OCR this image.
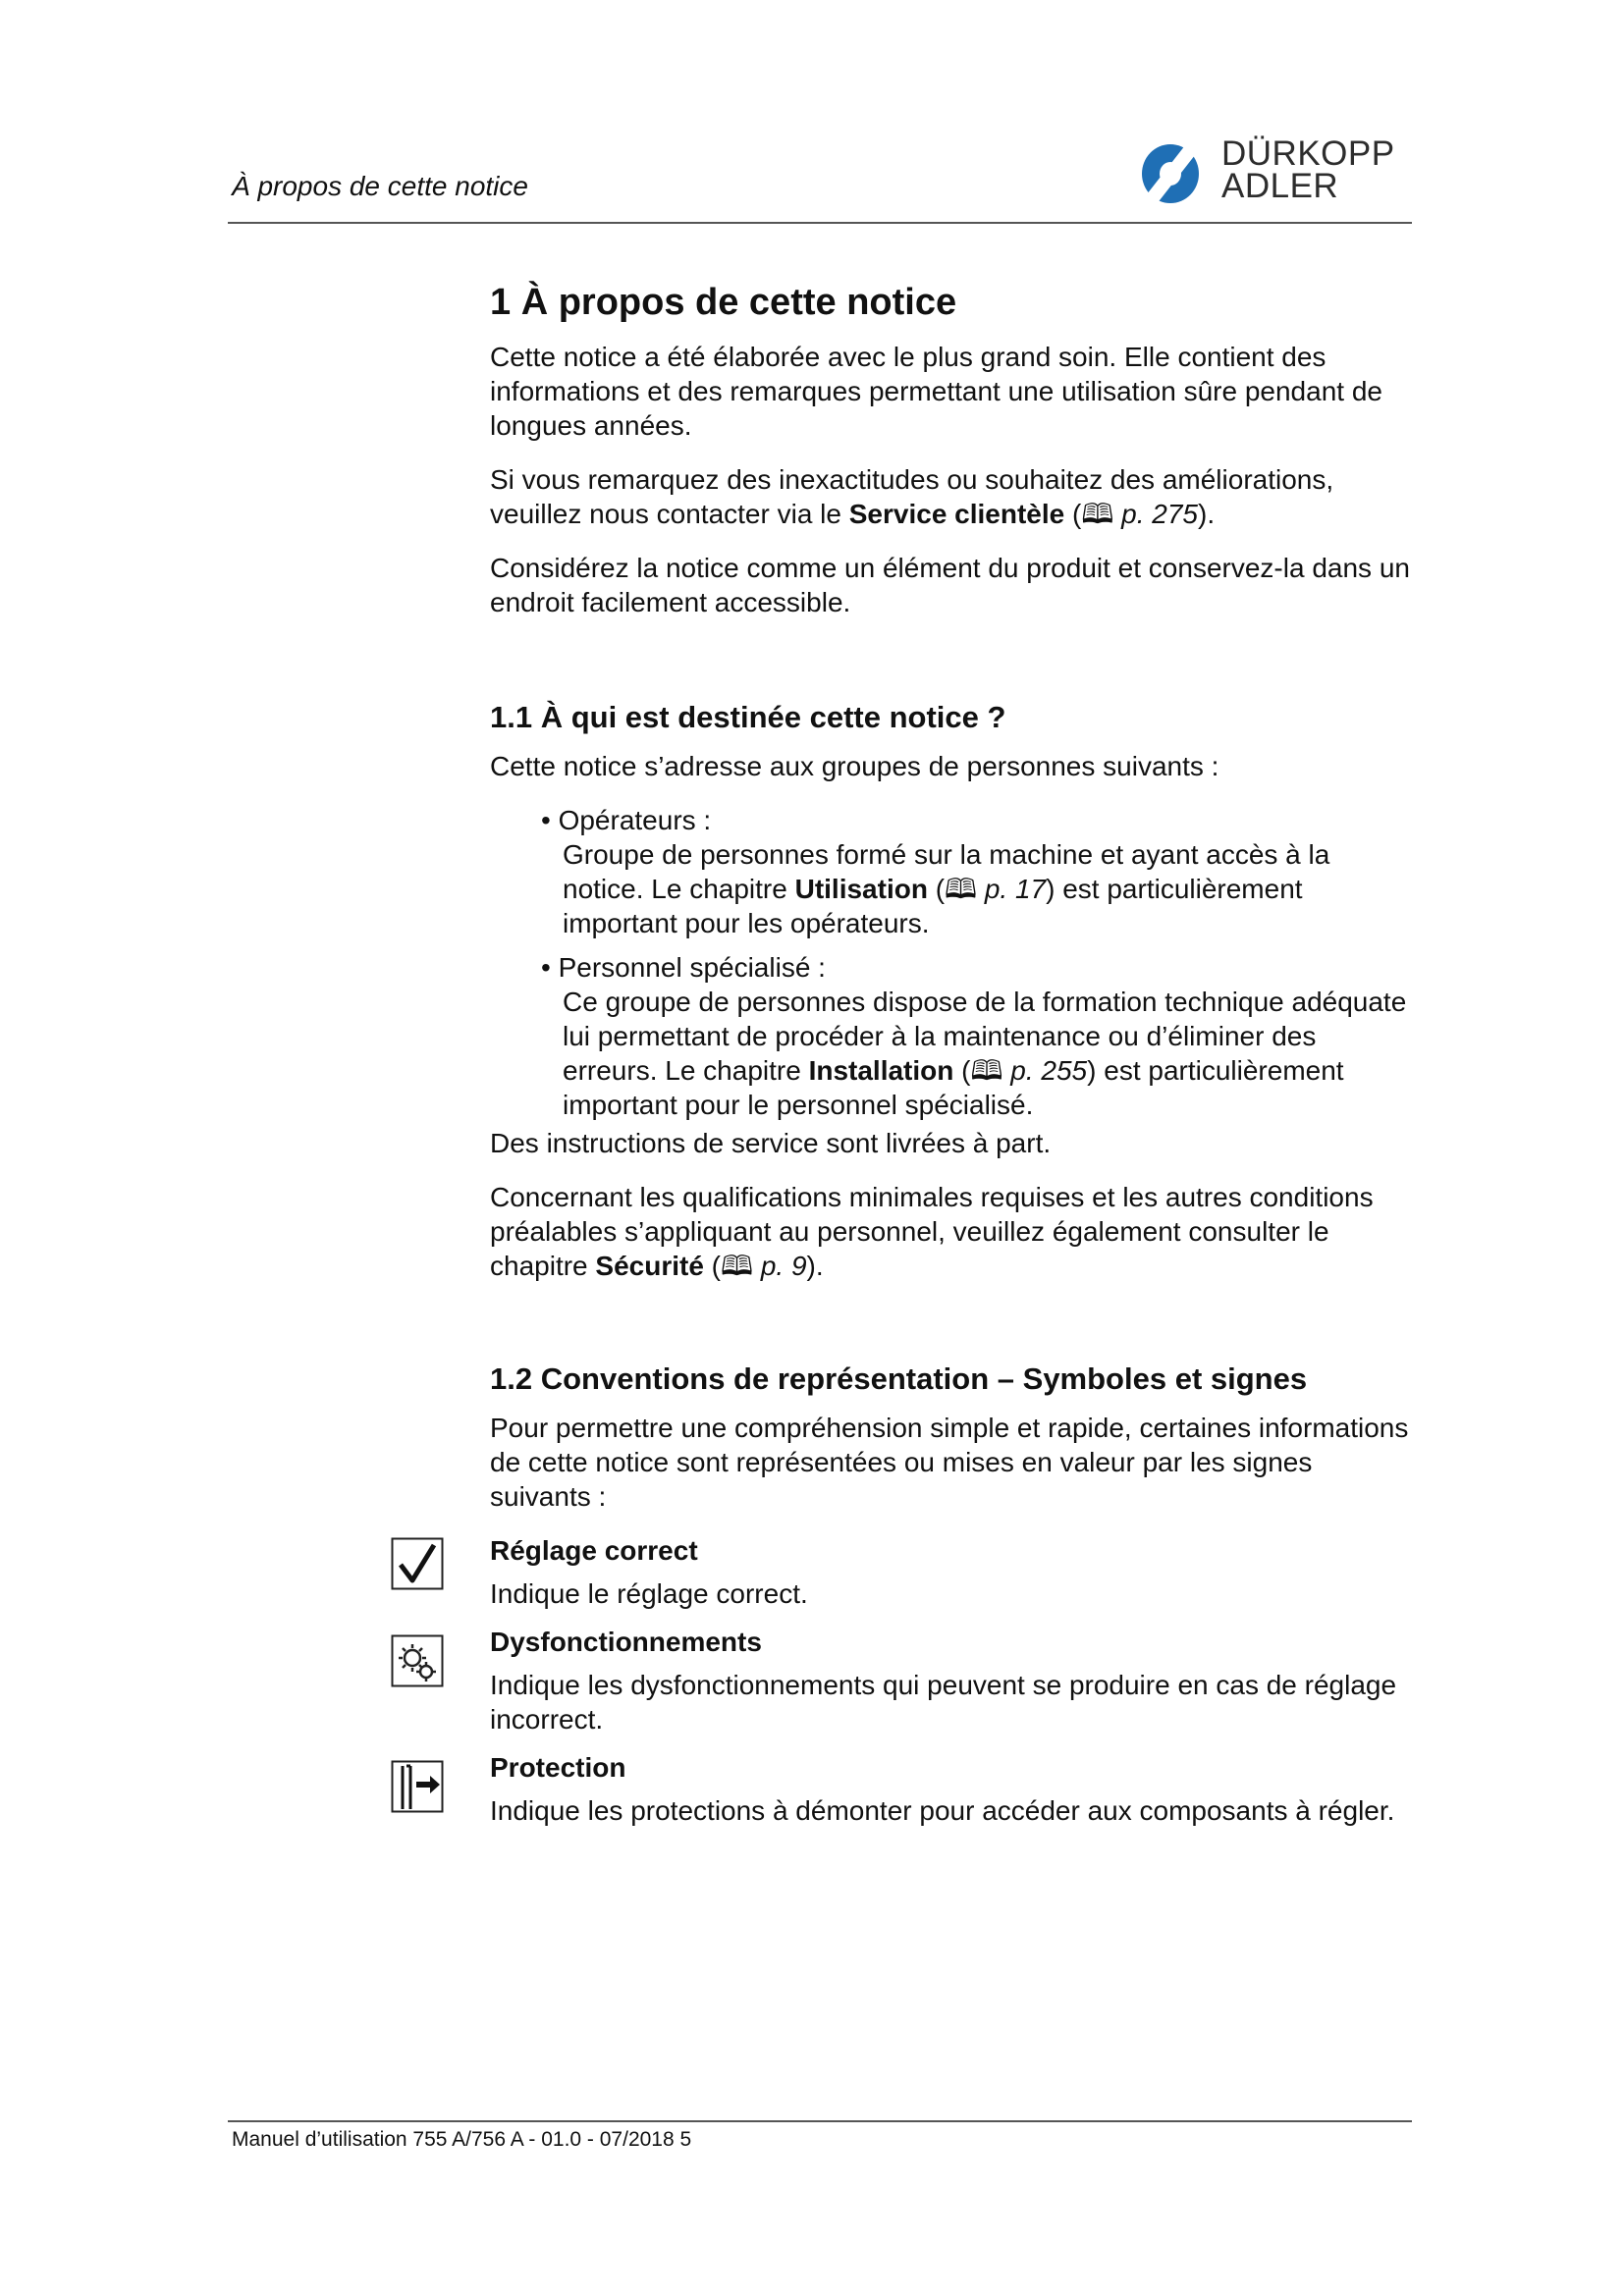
À propos de cette notice
DÜRKOPP
ADLER
1 À propos de cette notice

Cette notice a été élaborée avec le plus grand soin. Elle contient des informations et des remarques permettant une utilisation sûre pendant de longues années.

Si vous remarquez des inexactitudes ou souhaitez des améliorations, veuillez nous contacter via le Service clientèle (🕮 p. 275).

Considérez la notice comme un élément du produit et conservez-la dans un endroit facilement accessible.

1.1 À qui est destinée cette notice ?

Cette notice s’adresse aux groupes de personnes suivants :

• Opérateurs :

Groupe de personnes formé sur la machine et ayant accès à la notice. Le chapitre Utilisation (🕮 p. 17) est particulièrement important pour les opérateurs.

• Personnel spécialisé :

Ce groupe de personnes dispose de la formation technique adéquate lui permettant de procéder à la maintenance ou d’éliminer des erreurs. Le chapitre Installation (🕮 p. 255) est particulièrement important pour le personnel spécialisé.

Des instructions de service sont livrées à part.

Concernant les qualifications minimales requises et les autres conditions préalables s’appliquant au personnel, veuillez également consulter le chapitre Sécurité (🕮 p. 9).

1.2 Conventions de représentation – Symboles et signes

Pour permettre une compréhension simple et rapide, certaines informations de cette notice sont représentées ou mises en valeur par les signes suivants :

Réglage correct

Indique le réglage correct.

Dysfonctionnements

Indique les dysfonctionnements qui peuvent se produire en cas de réglage incorrect.

Protection

Indique les protections à démonter pour accéder aux composants à régler.

Manuel d’utilisation 755 A/756 A - 01.0 - 07/2018 5
